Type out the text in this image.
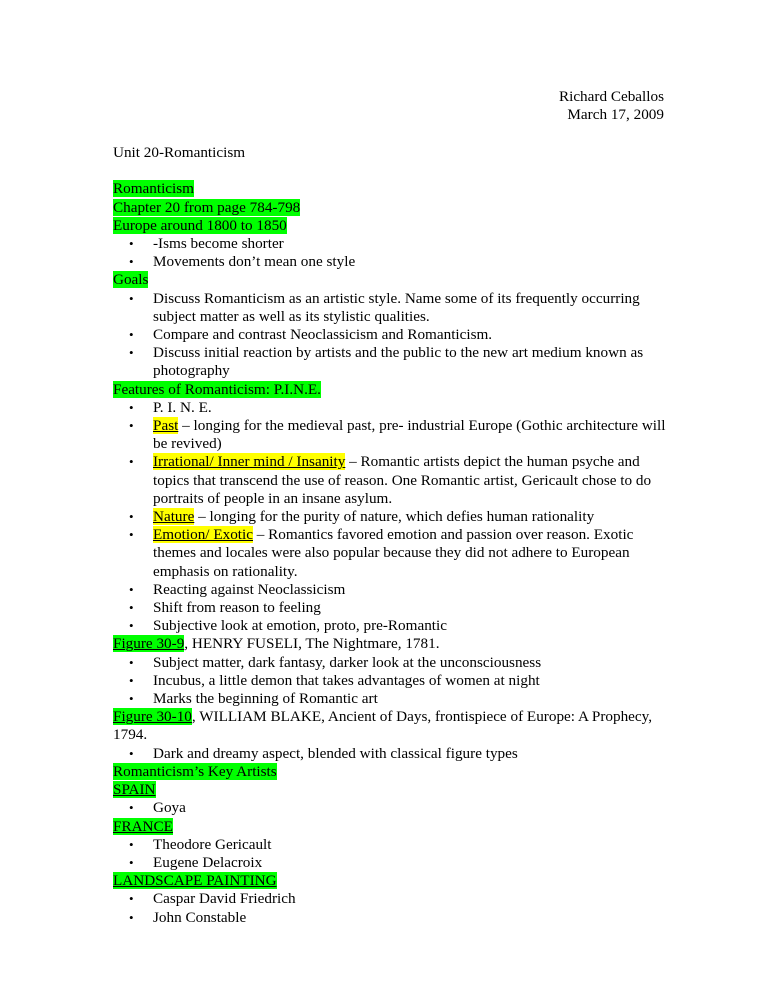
Richard Ceballos
March 17, 2009
Unit 20-Romanticism
Romanticism
Chapter 20 from page 784-798
Europe around 1800 to 1850
• -Isms become shorter
• Movements don’t mean one style
Goals
• Discuss Romanticism as an artistic style. Name some of its frequently occurring subject matter as well as its stylistic qualities.
• Compare and contrast Neoclassicism and Romanticism.
• Discuss initial reaction by artists and the public to the new art medium known as photography
Features of Romanticism: P.I.N.E.
• P. I. N. E.
• Past – longing for the medieval past, pre- industrial Europe (Gothic architecture will be revived)
• Irrational/ Inner mind / Insanity – Romantic artists depict the human psyche and topics that transcend the use of reason. One Romantic artist, Gericault chose to do portraits of people in an insane asylum.
• Nature – longing for the purity of nature, which defies human rationality
• Emotion/ Exotic – Romantics favored emotion and passion over reason. Exotic themes and locales were also popular because they did not adhere to European emphasis on rationality.
• Reacting against Neoclassicism
• Shift from reason to feeling
• Subjective look at emotion, proto, pre-Romantic
Figure 30-9, HENRY FUSELI, The Nightmare, 1781.
• Subject matter, dark fantasy, darker look at the unconsciousness
• Incubus, a little demon that takes advantages of women at night
• Marks the beginning of Romantic art
Figure 30-10, WILLIAM BLAKE, Ancient of Days, frontispiece of Europe: A Prophecy, 1794.
• Dark and dreamy aspect, blended with classical figure types
Romanticism’s Key Artists
SPAIN
• Goya
FRANCE
• Theodore Gericault
• Eugene Delacroix
LANDSCAPE PAINTING
• Caspar David Friedrich
• John Constable
